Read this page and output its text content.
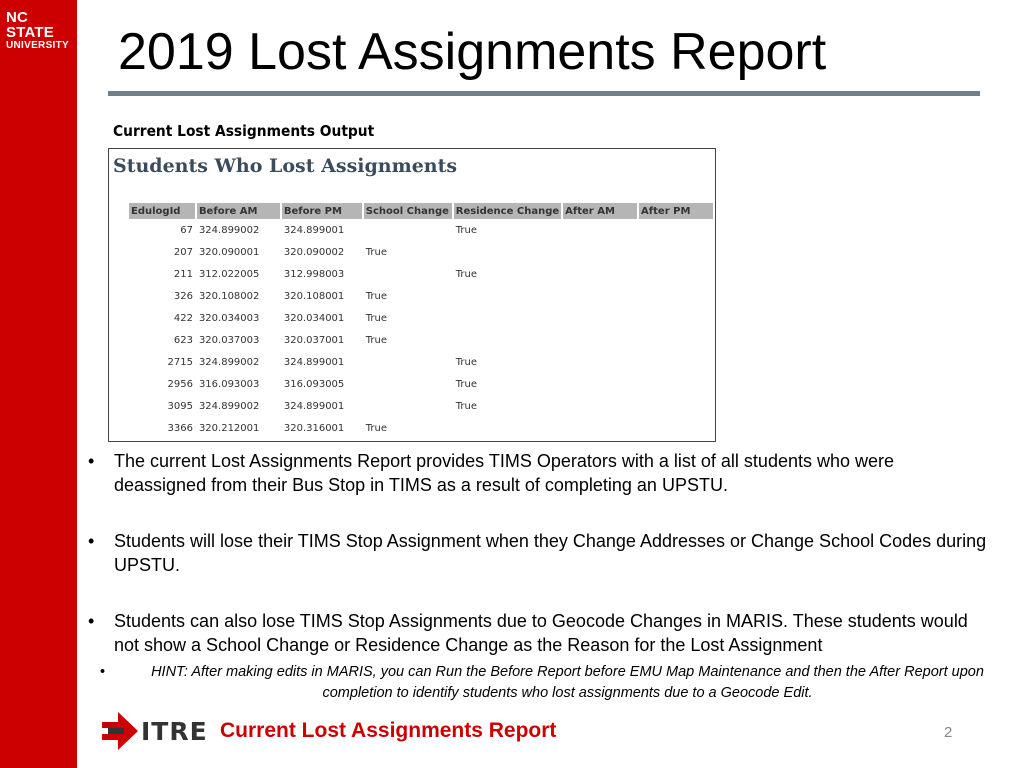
NC STATE
UNIVERSITY 2019 Lost Assignments Report
Current Lost Assignments Output
Students Who Lost Assignments
EdulogId	Before AM	Before PM	School Change	Residence Change	After AM	After PM
67	324.899002	324.899001		True		
207	320.090001	320.090002	True			
211	312.022005	312.998003		True		
326	320.108002	320.108001	True			
422	320.034003	320.034001	True			
623	320.037003	320.037001	True			
2715	324.899002	324.899001		True		
2956	316.093003	316.093005		True		
3095	324.899002	324.899001		True		
3366	320.212001	320.316001	True			
• The current Lost Assignments Report provides TIMS Operators with a list of all students who were deassigned from their Bus Stop in TIMS as a result of completing an UPSTU.
• Students will lose their TIMS Stop Assignment when they Change Addresses or Change School Codes during UPSTU.
• Students can also lose TIMS Stop Assignments due to Geocode Changes in MARIS. These students would not show a School Change or Residence Change as the Reason for the Lost Assignment
•	HINT: After making edits in MARIS, you can Run the Before Report before EMU Map Maintenance and then the After Report upon completion to identify students who lost assignments due to a Geocode Edit.
ITRE Current Lost Assignments Report	2
